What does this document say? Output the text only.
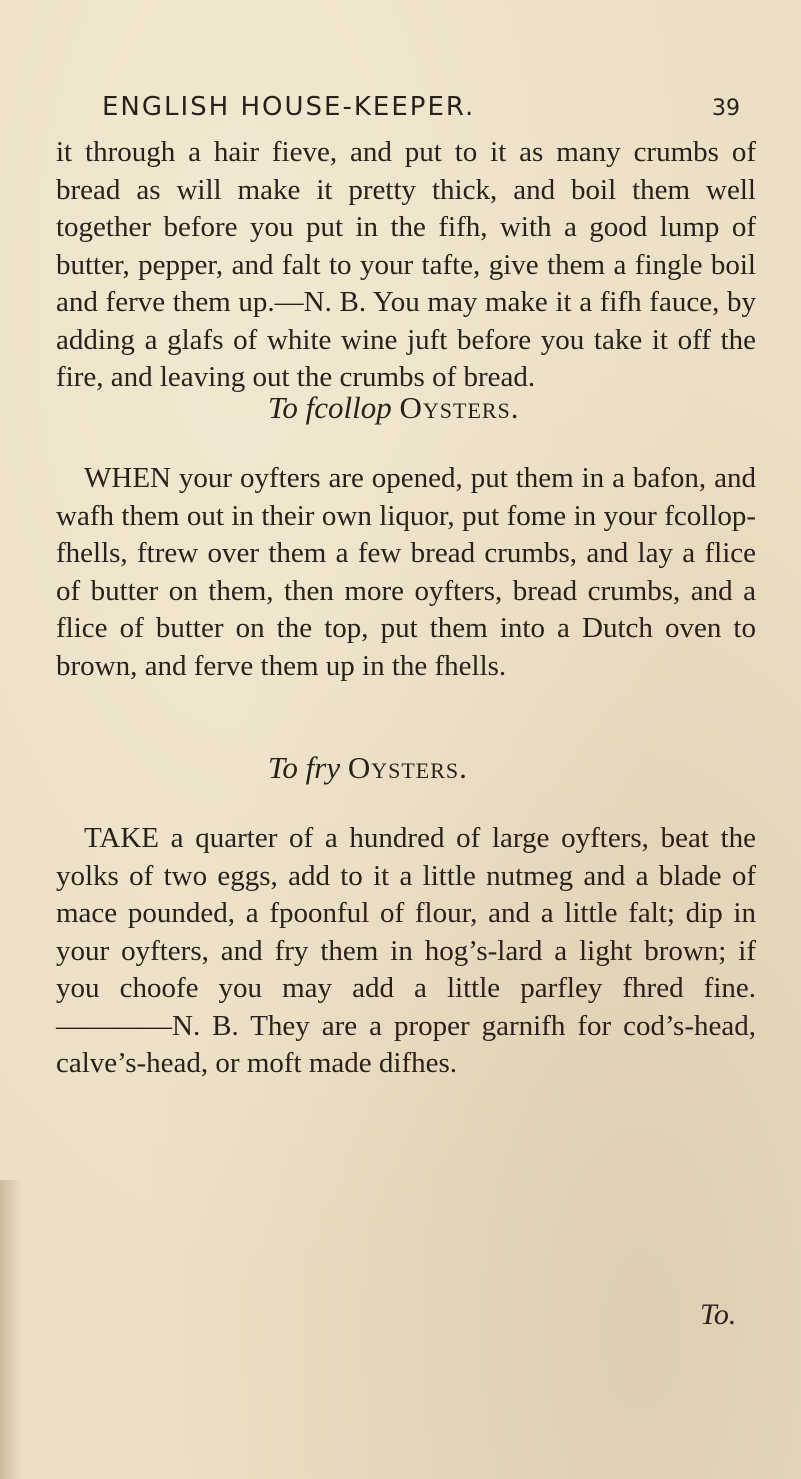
ENGLISH HOUSE-KEEPER.	39
it through a hair fieve, and put to it as many crumbs of bread as will make it pretty thick, and boil them well together before you put in the fifh, with a good lump of butter, pepper, and falt to your tafte, give them a fingle boil and ferve them up.—N. B. You may make it a fifh fauce, by adding a glafs of white wine juft before you take it off the fire, and leaving out the crumbs of bread.
To fcollop Oysters.
WHEN your oyfters are opened, put them in a bafon, and wafh them out in their own liquor, put fome in your fcollop-fhells, ftrew over them a few bread crumbs, and lay a flice of butter on them, then more oyfters, bread crumbs, and a flice of butter on the top, put them into a Dutch oven to brown, and ferve them up in the fhells.
To fry Oysters.
TAKE a quarter of a hundred of large oyfters, beat the yolks of two eggs, add to it a little nutmeg and a blade of mace pounded, a fpoonful of flour, and a little falt; dip in your oyfters, and fry them in hog’s-lard a light brown; if you choofe you may add a little parfley fhred fine.————N. B. They are a proper garnifh for cod’s-head, calve’s-head, or moft made difhes.
To.
